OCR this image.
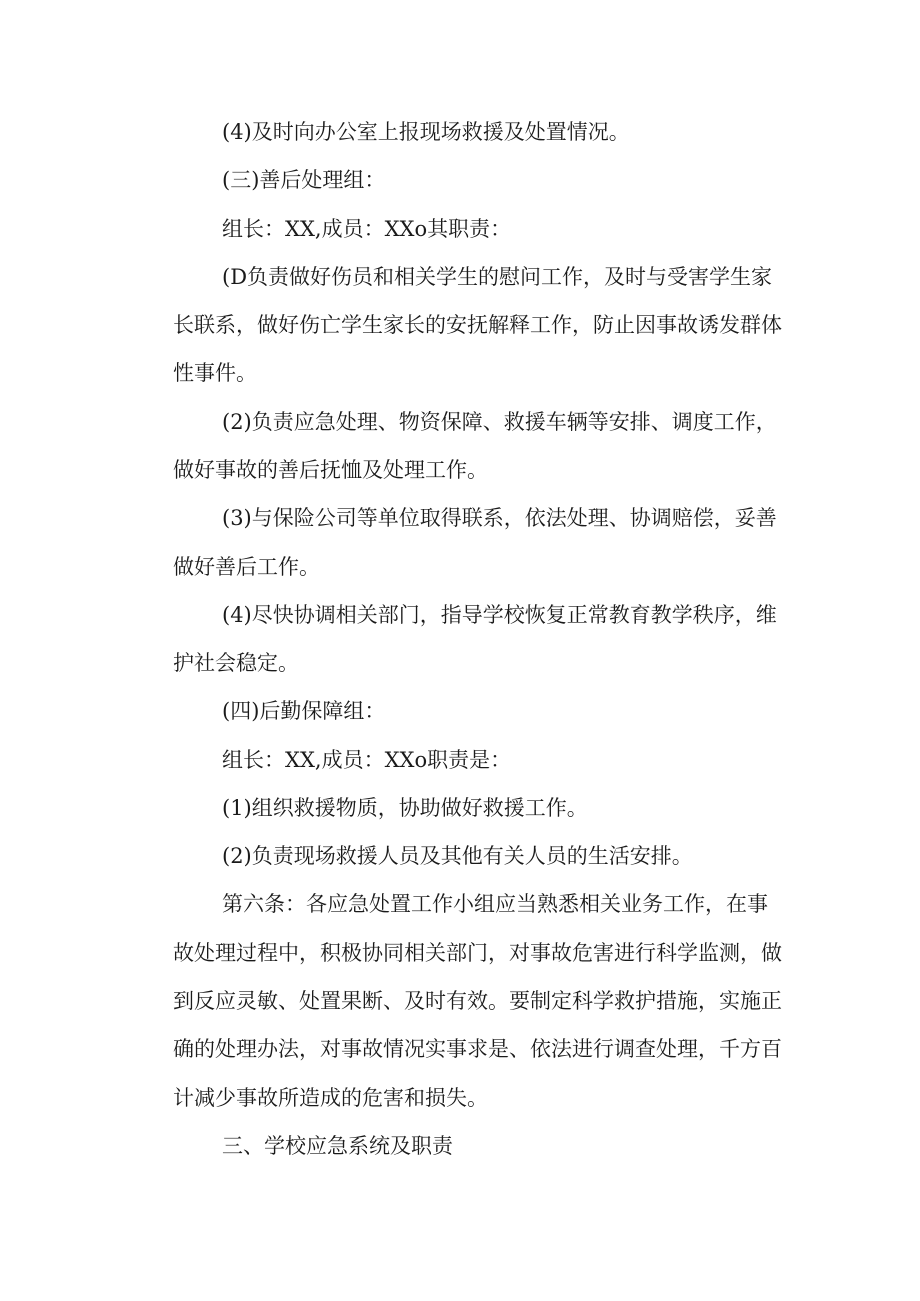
(4)及时向办公室上报现场救援及处置情况。
(三)善后处理组：
组长：XX,成员：XXo其职责：
(D负责做好伤员和相关学生的慰问工作，及时与受害学生家
长联系，做好伤亡学生家长的安抚解释工作，防止因事故诱发群体
性事件。
(2)负责应急处理、物资保障、救援车辆等安排、调度工作，
做好事故的善后抚恤及处理工作。
(3)与保险公司等单位取得联系，依法处理、协调赔偿，妥善
做好善后工作。
(4)尽快协调相关部门，指导学校恢复正常教育教学秩序，维
护社会稳定。
(四)后勤保障组：
组长：XX,成员：XXo职责是：
(1)组织救援物质，协助做好救援工作。
(2)负责现场救援人员及其他有关人员的生活安排。
第六条：各应急处置工作小组应当熟悉相关业务工作，在事
故处理过程中，积极协同相关部门，对事故危害进行科学监测，做
到反应灵敏、处置果断、及时有效。要制定科学救护措施，实施正
确的处理办法，对事故情况实事求是、依法进行调查处理，千方百
计减少事故所造成的危害和损失。
三、学校应急系统及职责
